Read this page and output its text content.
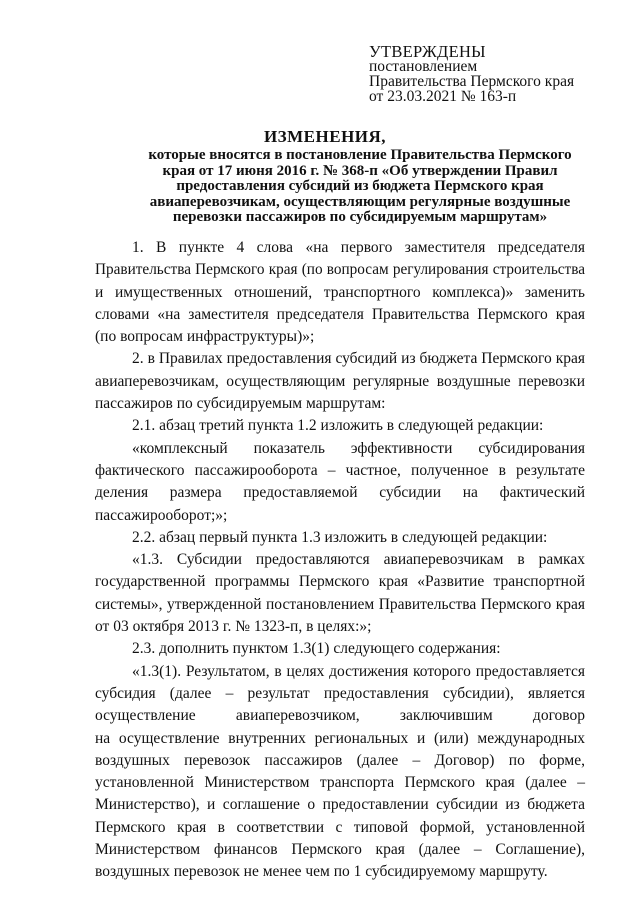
УТВЕРЖДЕНЫ
постановлением
Правительства Пермского края
от 23.03.2021 № 163-п
ИЗМЕНЕНИЯ,
которые вносятся в постановление Правительства Пермского
края от 17 июня 2016 г. № 368-п «Об утверждении Правил
предоставления субсидий из бюджета Пермского края
авиаперевозчикам, осуществляющим регулярные воздушные
перевозки пассажиров по субсидируемым маршрутам»
1. В пункте 4 слова «на первого заместителя председателя
Правительства Пермского края (по вопросам регулирования строительства
и имущественных отношений, транспортного комплекса)» заменить
словами «на заместителя председателя Правительства Пермского края
(по вопросам инфраструктуры)»;
2. в Правилах предоставления субсидий из бюджета Пермского края
авиаперевозчикам, осуществляющим регулярные воздушные перевозки
пассажиров по субсидируемым маршрутам:
2.1. абзац третий пункта 1.2 изложить в следующей редакции:
«комплексный показатель эффективности субсидирования
фактического пассажирооборота – частное, полученное в результате
деления размера предоставляемой субсидии на фактический
пассажирооборот;»;
2.2. абзац первый пункта 1.3 изложить в следующей редакции:
«1.3. Субсидии предоставляются авиаперевозчикам в рамках
государственной программы Пермского края «Развитие транспортной
системы», утвержденной постановлением Правительства Пермского края
от 03 октября 2013 г. № 1323-п, в целях:»;
2.3. дополнить пунктом 1.3(1) следующего содержания:
«1.3(1). Результатом, в целях достижения которого предоставляется
субсидия (далее – результат предоставления субсидии), является
осуществление авиаперевозчиком, заключившим договор
на осуществление внутренних региональных и (или) международных
воздушных перевозок пассажиров (далее – Договор) по форме,
установленной Министерством транспорта Пермского края (далее –
Министерство), и соглашение о предоставлении субсидии из бюджета
Пермского края в соответствии с типовой формой, установленной
Министерством финансов Пермского края (далее – Соглашение),
воздушных перевозок не менее чем по 1 субсидируемому маршруту.
